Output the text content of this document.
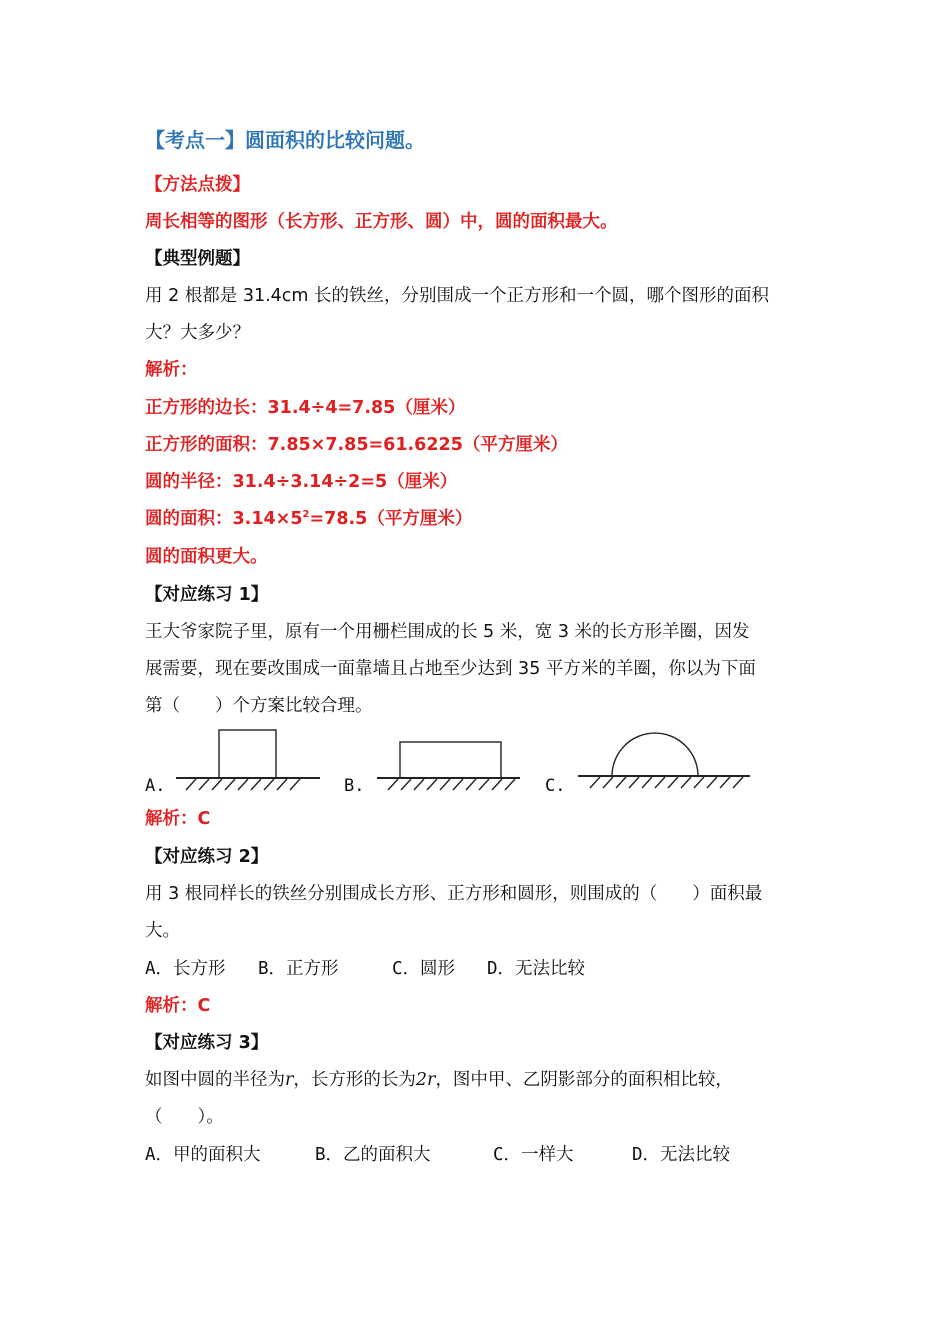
【考点一】圆面积的比较问题。
【方法点拨】
周长相等的图形（长方形、正方形、圆）中，圆的面积最大。
【典型例题】
用 2 根都是 31.4cm 长的铁丝，分别围成一个正方形和一个圆，哪个图形的面积
大？大多少？
解析：
正方形的边长：31.4÷4=7.85（厘米）
正方形的面积：7.85×7.85=61.6225（平方厘米）
圆的半径：31.4÷3.14÷2=5（厘米）
圆的面积：$3.14\times 5^2=78.5$（平方厘米）
圆的面积更大。
【对应练习 1】
王大爷家院子里，原有一个用栅栏围成的长 5 米，宽 3 米的长方形羊圈，因发
展需要，现在要改围成一面靠墙且占地至少达到 35 平方米的羊圈，你以为下面
第（　　）个方案比较合理。
A.	B.	C.
解析：C
【对应练习 2】
用 3 根同样长的铁丝分别围成长方形、正方形和圆形，则围成的（　　）面积最
大。
A．长方形 B．正方形	C．圆形 D．无法比较
解析：C
【对应练习 3】
如图中圆的半径为r，长方形的长为2r，图中甲、乙阴影部分的面积相比较，
（　　）。
A．甲的面积大	B．乙的面积大	C．一样大	D．无法比较
